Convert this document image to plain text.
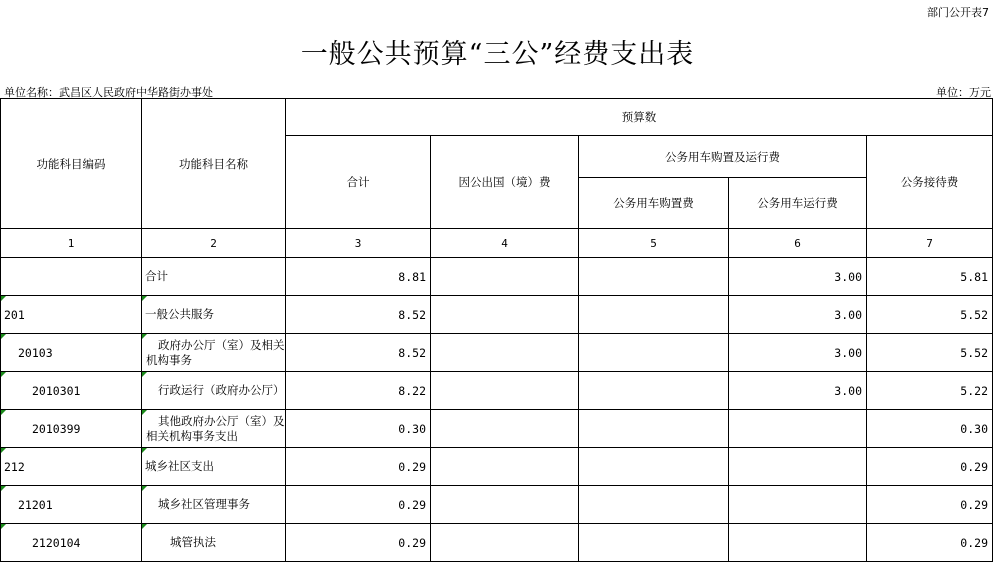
部门公开表7
一般公共预算“三公”经费支出表
单位名称：武昌区人民政府中华路街办事处	单位：万元
功能科目编码	功能科目名称	预算数				
		合计	因公出国（境）费	公务用车购置及运行费		公务接待费
				公务用车购置费	公务用车运行费	
1	2	3	4	5	6	7
	合计	8.81			3.00	5.81

201	一般公共服务	8.52			3.00	5.52

20103	政府办公厅（室）及相关机构事务	8.52			3.00	5.52

2010301	行政运行（政府办公厅）	8.22			3.00	5.22

2010399	其他政府办公厅（室）及相关机构事务支出	0.30				0.30

212	城乡社区支出	0.29				0.29

21201	城乡社区管理事务	0.29				0.29

2120104	城管执法	0.29				0.29
